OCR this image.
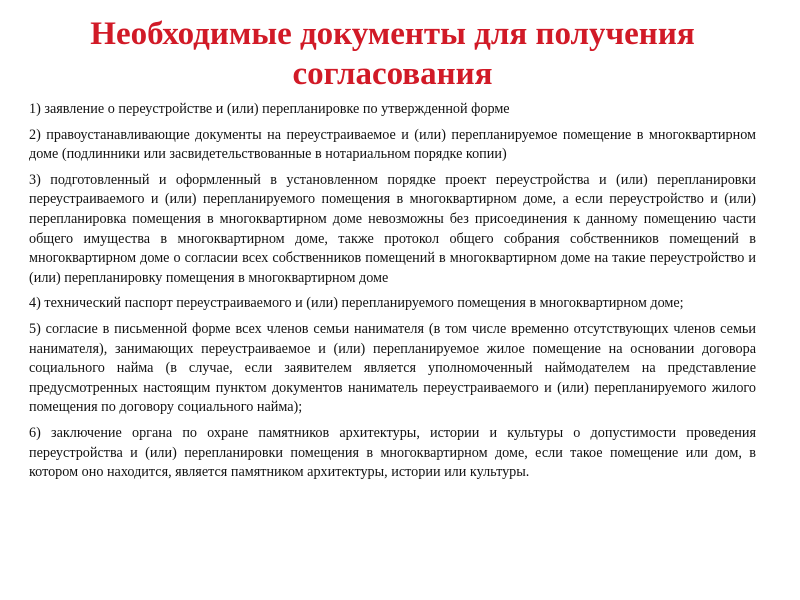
Необходимые документы для получения согласования

1) заявление о переустройстве и (или) перепланировке по утвержденной форме

2) правоустанавливающие документы на переустраиваемое и (или) перепланируемое помещение в многоквартирном доме (подлинники или засвидетельствованные в нотариальном порядке копии)

3) подготовленный и оформленный в установленном порядке проект переустройства и (или) перепланировки переустраиваемого и (или) перепланируемого помещения в многоквартирном доме, а если переустройство и (или) перепланировка помещения в многоквартирном доме невозможны без присоединения к данному помещению части общего имущества в многоквартирном доме, также протокол общего собрания собственников помещений в многоквартирном доме о согласии всех собственников помещений в многоквартирном доме на такие переустройство и (или) перепланировку помещения в многоквартирном доме

4) технический паспорт переустраиваемого и (или) перепланируемого помещения в многоквартирном доме;

5) согласие в письменной форме всех членов семьи нанимателя (в том числе временно отсутствующих членов семьи нанимателя), занимающих переустраиваемое и (или) перепланируемое жилое помещение на основании договора социального найма (в случае, если заявителем является уполномоченный наймодателем на представление предусмотренных настоящим пунктом документов наниматель переустраиваемого и (или) перепланируемого жилого помещения по договору социального найма);

6) заключение органа по охране памятников архитектуры, истории и культуры о допустимости проведения переустройства и (или) перепланировки помещения в многоквартирном доме, если такое помещение или дом, в котором оно находится, является памятником архитектуры, истории или культуры.
